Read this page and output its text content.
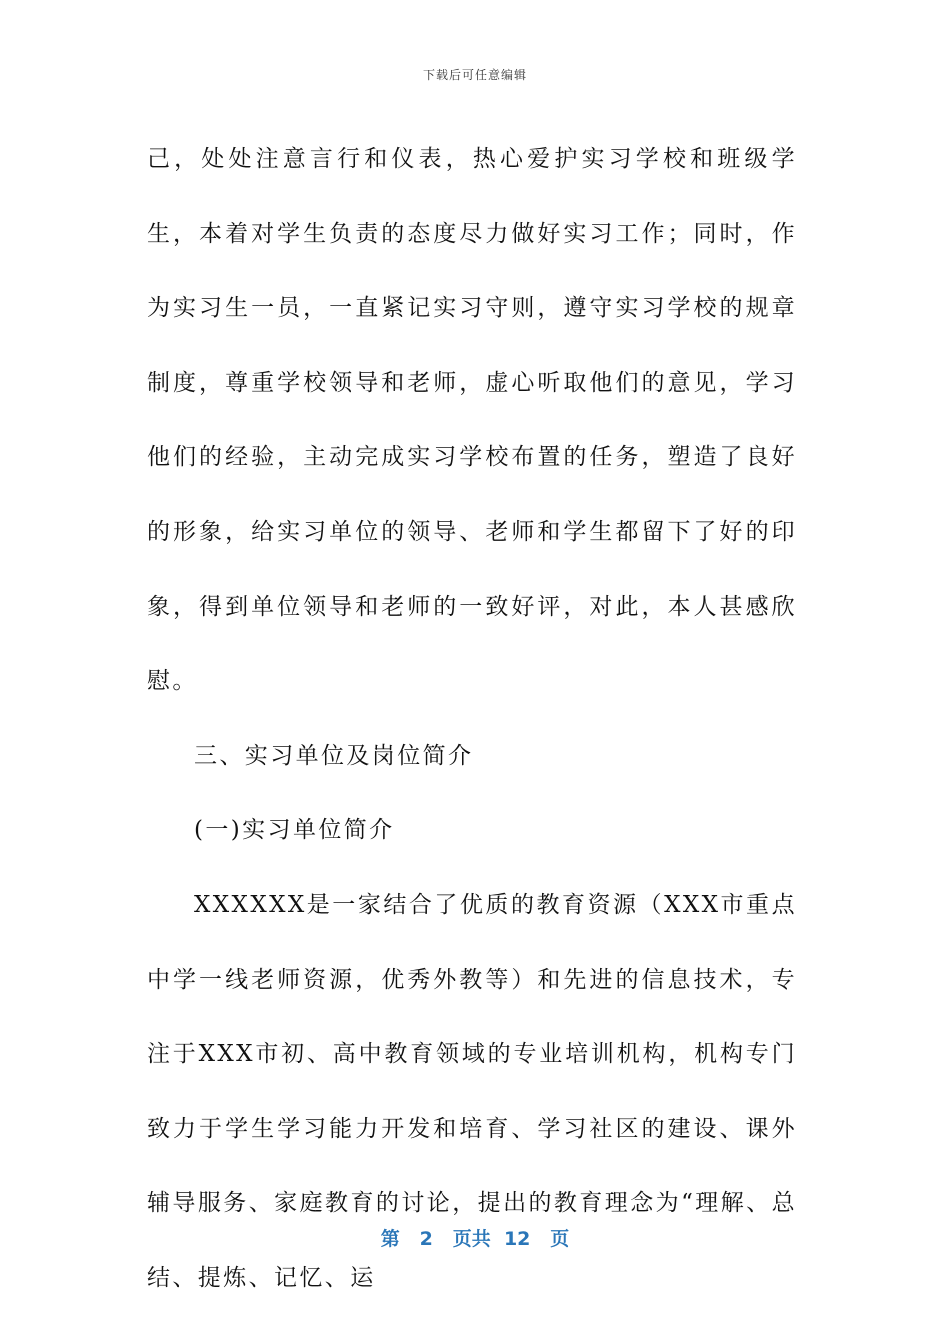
下载后可任意编辑

己，处处注意言行和仪表，热心爱护实习学校和班级学生，本着对学生负责的态度尽力做好实习工作；同时，作为实习生一员，一直紧记实习守则，遵守实习学校的规章制度，尊重学校领导和老师，虚心听取他们的意见，学习他们的经验，主动完成实习学校布置的任务，塑造了良好的形象，给实习单位的领导、老师和学生都留下了好的印象，得到单位领导和老师的一致好评，对此，本人甚感欣慰。

三、实习单位及岗位简介

(一)实习单位简介

XXXXXX是一家结合了优质的教育资源（XXX市重点中学一线老师资源，优秀外教等）和先进的信息技术，专注于XXX市初、高中教育领域的专业培训机构，机构专门致力于学生学习能力开发和培育、学习社区的建设、课外辅导服务、家庭教育的讨论，提出的教育理念为“理解、总结、提炼、记忆、运

第 2 页共 12 页
